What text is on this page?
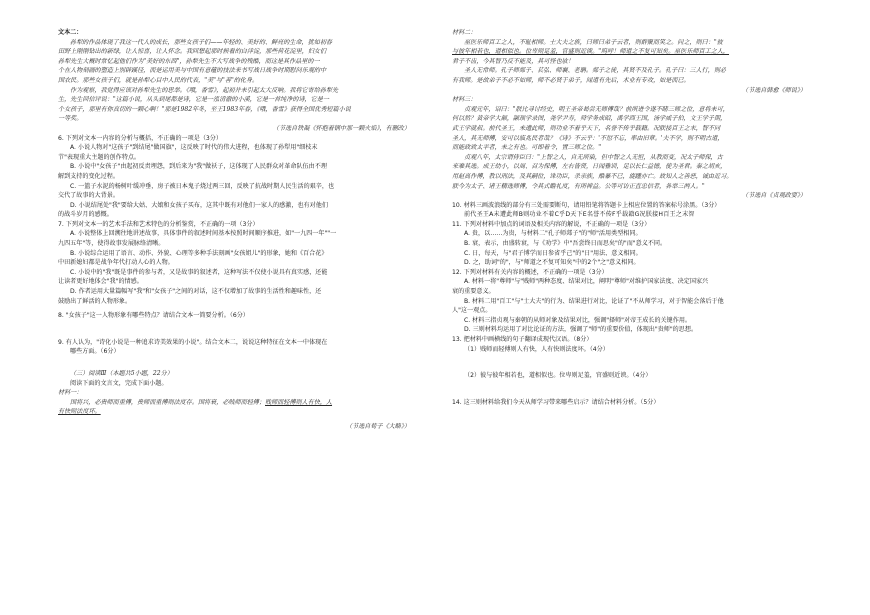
文本二：

孙犁的作品体现了我这一代人的成长，那些女孩子们——年轻的、美好的、鲜亮的生命，犹如初春

田野上刚刚钻出的新绿，让人惊喜，让人怀念。我回想起那时候看的白洋淀，那些荷花淀里，妇女们

孙犁先生大概时常忆起他们作为"美好的东西"，孙犁先生不大写战争的残酷，而这是其作品里的一

个在人物刻画的塑造上别辟蹊径，而是运用美与中国有意蕴的技法来书写战日战争时期慰问乐观的中

国农民。那些女孩子们，就是孙犁心目中人民的代表，"美"与"善"的化身。

作为观察，我觉得应该对孙犁先生的思举。《哦，香雪》，起初并未引起太大反响。我将它寄给孙犁先

生，先生回信评说："这篇小说，从头到尾都是诗，它是一泓清澈的小溪，它是一首纯净的诗，它是一

个女孩子，那里有你真切的一颗心啊！"那是1982年冬，至王1983年春，《哦，香雪》获得全国优秀短篇小说

一等奖。

（节选自铁凝《怀抱着锅中那一颗火焰》，有删改）

6. 下列对文本一内容的分析与概括，不正确的一项是（3分）

A. 小说人物对"这孩子"到结尾"做国旗"，这反映了时代的伟大进程，也体现了孙犁用"细枝末

节"表现重大主题的创作特点。

B. 小说中"女孩子"由起初反责埋怨，到后来为"我"做袄子，这体现了人民群众对革命队伍由不理

解到支持的变化过程。

C. 一篮子水泥的杨树叶缓冲垂，房子被日本鬼子烧过两三回，反映了抗战时期人民生活的艰辛，也

交代了故事的大背景。

D. 小说结尾处"我"要给大姑、大娘和女孩子买布，这其中既有对他们一家人的感激，也有对他们

的战斗岁月的感慨。

7. 下列对文本一的艺术手法和艺术特色的分析鉴赏，不正确的一项（3分）

A. 小说整体上回溯往地讲述故事，具体事件的叙述时间基本按照时间顺序推进，如"一九四一年""一

九四五年"等，使得故事发展脉络清晰。

B. 小说综合运用了语言、动作、外貌、心理等多种手法刻画"女孩姐儿"的形象，她和《百合花》

中田新媳妇都是战争年代打动人心的人物。

C. 小说中的"我"既是事件的参与者，又是故事的叙述者，这种写法不仅使小说具有真实感，还能

让读者更好地体会"我"的情感。

D. 作者运用大量篇幅写"我"和"女孩子"之间的对话，这不仅增加了故事的生活性和趣味性，还

鼓励出了鲜活的人物形象。

8. "女孩子"这一人物形象有哪些特点？请结合文本一简要分析。（6分）

9. 有人认为，"诗化小说是一种追求诗美效果的小说"。结合文本二，说说这种特征在文本一中体现在

哪些方面。（6分）

（三）阅读Ⅲ（本题共5小题，22分）

阅读下面的文言文，完成下面小题。

材料一：

国将兴，必贵师而重傅，贵师而重傅则法度存。国将衰，必贱师而轻傅；贱师而轻傅则人有快，人

有快则法度坏。

（节选自荀子《大略》）

材料二：

巫医乐师百工之人，不耻相师。士大夫之族，曰师曰弟子云者，则群聚而笑之。问之，则曰："彼

与彼年相若也，道相似也。位卑则足羞，官盛则近谀。"呜呼！师道之不复可知矣。巫医乐师百工之人，

君子不齿，今其智乃反不能及，其可怪也欤！

圣人无常师。孔子师郯子、苌弘、师襄、老聃。郯子之徒，其贤不及孔子。孔子曰：三人行，则必

有我师。是故弟子不必不如师，师不必贤于弟子，闻道有先后，术业有专攻，如是而已。

（节选自韩愈《师说》）

材料三：

贞观元年，诏曰："朕比寻讨经史，明王圣帝曷尝无师傅哉？前所进令遂不睹三师之位，意将未可，

何以然？黄帝学大颠，颛顼学录图，尧学尹寿，舜学务成昭，禹学西王国，汤学威子伯，文王学子期，

武王学就叔。前代圣王，未遭此师，则功业不着乎天下，名誉不传乎载籍。况朕接百王之末，智不同

圣人，其无师傅，安可以临兆民者哉？《诗》不云乎：'不愆不忘，率由旧章。'夫不学，则不明古道，

而能政致太平者，未之有也。可即着令，置三师之位。"

贞观八年，太宗谓侍臣曰："上智之人，自无所染，但中智之人无恒，从教而变，况太子师保，古

来难其选。成王幼小，以周、召为保傅，左右皆贤，日闻雅训，足以长仁益德，使为圣君。秦之胡亥，

用赵高作傅，教以刑法，及其嗣位，诛功臣，杀亲族，酷暴不已，旋踵亦亡。故知人之善恶，诚由近习。

朕今为太子、诸王精选师傅，令其式瞻礼度，有所裨益。公等可访正直忠信者，各举三两人。"

（节选自《贞观政要》）

10. 材料三画波浪线的部分有三处需要断句，请用铅笔将答题卡上相应位置的答案标号涂黑。（3分）

前代圣王A未遭此师B则功业不着C乎D天下E名誉不传F乎载籍G况朕接H百王之末智

11. 下列对材料中加点的词语及相关内容的解说，不正确的一项是（3分）

A. 贵，以……为贵，与材料二"孔子师郯子"的"师"活用类型相同。

B. 衰，表示，由盛转衰，与《劝学》中"吾尝终日而思矣"的"而"意义不同。

C. 日，每天，与"君子博学而日参省乎己"的"日"用法、意义相同。

D. 之，助词"的"，与"师道之不复可知矣"中的2个"之"意义相同。

12. 下列对材料有关内容的概述，不正确的一项是（3分）

A. 材料一将"尊师"与"贱师"两种态度、结果对比，阐明"尊师"对维护国家法度、决定国家兴

衰的重要意义。

B. 材料二用"百工"与"士大夫"的行为、结果进行对比，论证了"不从师学习，对于智能会落后于他

人"这一观点。

C. 材料三指贞观与秦朝的从师对象及结果对比，强调"择师"对帝王成长的关键作用。

D. 三则材料均运用了对比论证的方法，强调了"师"的重要价值，体现出"贵师"的思想。

13. 把材料中画横线的句子翻译成现代汉语。（8分）

（1）贱师而轻傅则人有快，人有快则法度坏。（4分）

（2）彼与彼年相若也，道相似也。位卑则足羞，官盛则近谀。（4分）

14. 这三则材料给我们今天从师学习带来哪些启示？请结合材料分析。（5分）
